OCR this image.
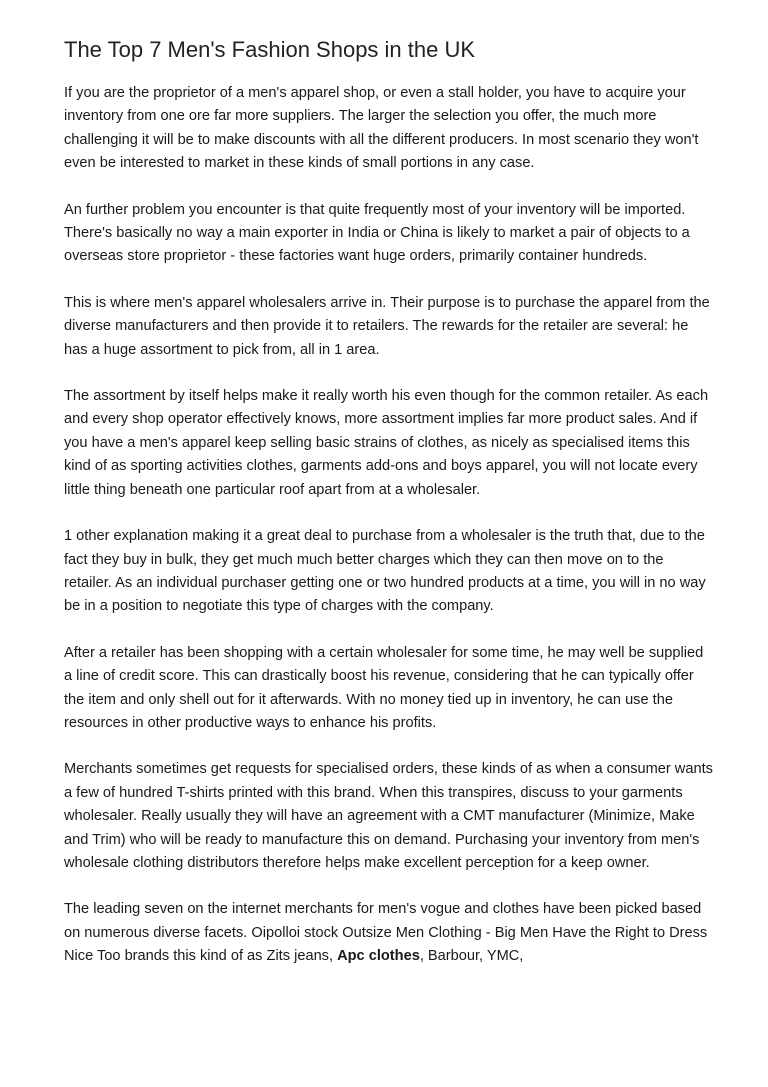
The Top 7 Men's Fashion Shops in the UK

If you are the proprietor of a men's apparel shop, or even a stall holder, you have to acquire your inventory from one ore far more suppliers. The larger the selection you offer, the much more challenging it will be to make discounts with all the different producers. In most scenario they won't even be interested to market in these kinds of small portions in any case.

An further problem you encounter is that quite frequently most of your inventory will be imported. There's basically no way a main exporter in India or China is likely to market a pair of objects to a overseas store proprietor - these factories want huge orders, primarily container hundreds.

This is where men's apparel wholesalers arrive in. Their purpose is to purchase the apparel from the diverse manufacturers and then provide it to retailers. The rewards for the retailer are several: he has a huge assortment to pick from, all in 1 area.

The assortment by itself helps make it really worth his even though for the common retailer. As each and every shop operator effectively knows, more assortment implies far more product sales. And if you have a men's apparel keep selling basic strains of clothes, as nicely as specialised items this kind of as sporting activities clothes, garments add-ons and boys apparel, you will not locate every little thing beneath one particular roof apart from at a wholesaler.

1 other explanation making it a great deal to purchase from a wholesaler is the truth that, due to the fact they buy in bulk, they get much much better charges which they can then move on to the retailer. As an individual purchaser getting one or two hundred products at a time, you will in no way be in a position to negotiate this type of charges with the company.

After a retailer has been shopping with a certain wholesaler for some time, he may well be supplied a line of credit score. This can drastically boost his revenue, considering that he can typically offer the item and only shell out for it afterwards. With no money tied up in inventory, he can use the resources in other productive ways to enhance his profits.

Merchants sometimes get requests for specialised orders, these kinds of as when a consumer wants a few of hundred T-shirts printed with this brand. When this transpires, discuss to your garments wholesaler. Really usually they will have an agreement with a CMT manufacturer (Minimize, Make and Trim) who will be ready to manufacture this on demand. Purchasing your inventory from men's wholesale clothing distributors therefore helps make excellent perception for a keep owner.

The leading seven on the internet merchants for men's vogue and clothes have been picked based on numerous diverse facets. Oipolloi stock Outsize Men Clothing - Big Men Have the Right to Dress Nice Too brands this kind of as Zits jeans, Apc clothes, Barbour, YMC,
